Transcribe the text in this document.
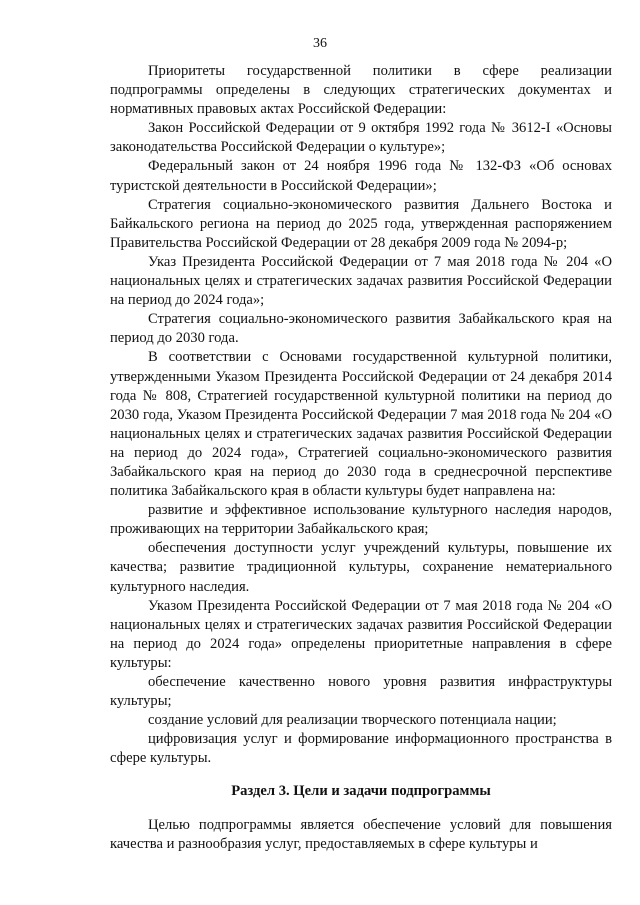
36

Приоритеты государственной политики в сфере реализации подпрограммы определены в следующих стратегических документах и нормативных правовых актах Российской Федерации:

Закон Российской Федерации от 9 октября 1992 года № 3612-I «Основы законодательства Российской Федерации о культуре»;

Федеральный закон от 24 ноября 1996 года № 132-ФЗ «Об основах туристской деятельности в Российской Федерации»;

Стратегия социально-экономического развития Дальнего Востока и Байкальского региона на период до 2025 года, утвержденная распоряжением Правительства Российской Федерации от 28 декабря 2009 года № 2094-р;

Указ Президента Российской Федерации от 7 мая 2018 года № 204 «О национальных целях и стратегических задачах развития Российской Федерации на период до 2024 года»;

Стратегия социально-экономического развития Забайкальского края на период до 2030 года.

В соответствии с Основами государственной культурной политики, утвержденными Указом Президента Российской Федерации от 24 декабря 2014 года № 808, Стратегией государственной культурной политики на период до 2030 года, Указом Президента Российской Федерации 7 мая 2018 года № 204 «О национальных целях и стратегических задачах развития Российской Федерации на период до 2024 года», Стратегией социально-экономического развития Забайкальского края на период до 2030 года в среднесрочной перспективе политика Забайкальского края в области культуры будет направлена на:

развитие и эффективное использование культурного наследия народов, проживающих на территории Забайкальского края;

обеспечения доступности услуг учреждений культуры, повышение их качества; развитие традиционной культуры, сохранение нематериального культурного наследия.

Указом Президента Российской Федерации от 7 мая 2018 года № 204 «О национальных целях и стратегических задачах развития Российской Федерации на период до 2024 года» определены приоритетные направления в сфере культуры:

обеспечение качественно нового уровня развития инфраструктуры культуры;

создание условий для реализации творческого потенциала нации;

цифровизация услуг и формирование информационного пространства в сфере культуры.

Раздел 3. Цели и задачи подпрограммы

Целью подпрограммы является обеспечение условий для повышения качества и разнообразия услуг, предоставляемых в сфере культуры и
